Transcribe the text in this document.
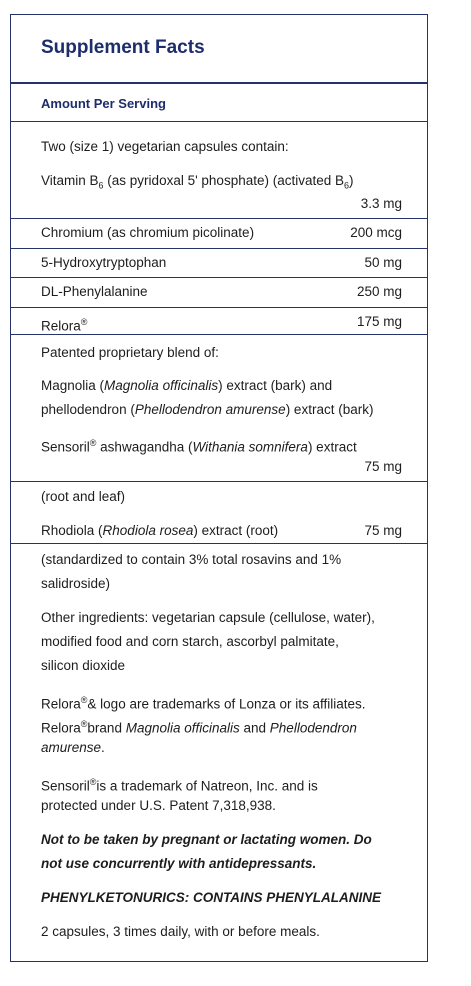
Supplement Facts
Amount Per Serving
Two (size 1) vegetarian capsules contain:
Vitamin $B_6$ (as pyridoxal 5' phosphate) (activated $B_6$)
3.3 mg
Chromium (as chromium picolinate)	200 mcg
5-Hydroxytryptophan	50 mg
DL-Phenylalanine	250 mg
Relora®	175 mg
Patented proprietary blend of:
Magnolia (Magnolia officinalis) extract (bark) and
phellodendron (Phellodendron amurense) extract (bark)
Sensoril® ashwagandha (Withania somnifera) extract
75 mg
(root and leaf)
Rhodiola (Rhodiola rosea) extract (root)	75 mg
(standardized to contain 3% total rosavins and 1%
salidroside)
Other ingredients: vegetarian capsule (cellulose, water),
modified food and corn starch, ascorbyl palmitate,
silicon dioxide
Relora®& logo are trademarks of Lonza or its affiliates.
Relora®brand Magnolia officinalis and Phellodendron
amurense.
Sensoril®is a trademark of Natreon, Inc. and is
protected under U.S. Patent 7,318,938.
Not to be taken by pregnant or lactating women. Do
not use concurrently with antidepressants.
PHENYLKETONURICS: CONTAINS PHENYLALANINE
2 capsules, 3 times daily, with or before meals.
